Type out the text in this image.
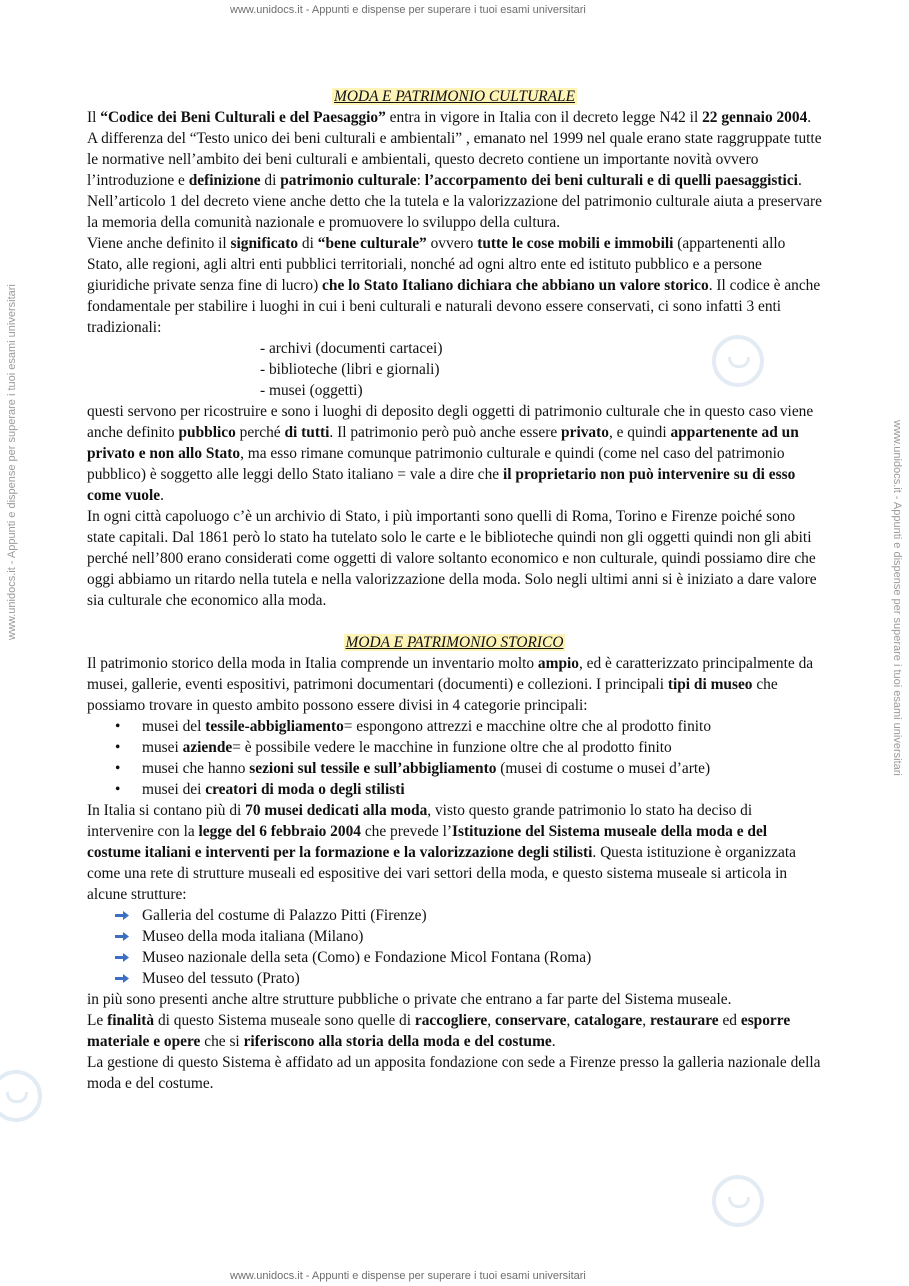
www.unidocs.it - Appunti e dispense per superare i tuoi esami universitari
www.unidocs.it - Appunti e dispense per superare i tuoi esami universitari
www.unidocs.it - Appunti e dispense per superare i tuoi esami universitari	www.unidocs.it - Appunti e dispense per superare i tuoi esami universitari
MODA E PATRIMONIO CULTURALE

Il “Codice dei Beni Culturali e del Paesaggio” entra in vigore in Italia con il decreto legge N42 il 22 gennaio 2004. A differenza del “Testo unico dei beni culturali e ambientali” , emanato nel 1999 nel quale erano state raggruppate tutte le normative nell’ambito dei beni culturali e ambientali, questo decreto contiene un importante novità ovvero l’introduzione e definizione di patrimonio culturale: l’accorpamento dei beni culturali e di quelli paesaggistici. Nell’articolo 1 del decreto viene anche detto che la tutela e la valorizzazione del patrimonio culturale aiuta a preservare la memoria della comunità nazionale e promuovere lo sviluppo della cultura.

Viene anche definito il significato di “bene culturale” ovvero tutte le cose mobili e immobili (appartenenti allo Stato, alle regioni, agli altri enti pubblici territoriali, nonché ad ogni altro ente ed istituto pubblico e a persone giuridiche private senza fine di lucro) che lo Stato Italiano dichiara che abbiano un valore storico. Il codice è anche fondamentale per stabilire i luoghi in cui i beni culturali e naturali devono essere conservati, ci sono infatti 3 enti tradizionali:

- archivi (documenti cartacei)
- biblioteche (libri e giornali)
- musei (oggetti)

questi servono per ricostruire e sono i luoghi di deposito degli oggetti di patrimonio culturale che in questo caso viene anche definito pubblico perché di tutti. Il patrimonio però può anche essere privato, e quindi appartenente ad un privato e non allo Stato, ma esso rimane comunque patrimonio culturale e quindi (come nel caso del patrimonio pubblico) è soggetto alle leggi dello Stato italiano = vale a dire che il proprietario non può intervenire su di esso come vuole.

In ogni città capoluogo c’è un archivio di Stato, i più importanti sono quelli di Roma, Torino e Firenze poiché sono state capitali. Dal 1861 però lo stato ha tutelato solo le carte e le biblioteche quindi non gli oggetti quindi non gli abiti perché nell’800 erano considerati come oggetti di valore soltanto economico e non culturale, quindi possiamo dire che oggi abbiamo un ritardo nella tutela e nella valorizzazione della moda. Solo negli ultimi anni si è iniziato a dare valore sia culturale che economico alla moda.

MODA E PATRIMONIO STORICO

Il patrimonio storico della moda in Italia comprende un inventario molto ampio, ed è caratterizzato principalmente da musei, gallerie, eventi espositivi, patrimoni documentari (documenti) e collezioni. I principali tipi di museo che possiamo trovare in questo ambito possono essere divisi in 4 categorie principali:

• musei del tessile-abbigliamento= espongono attrezzi e macchine oltre che al prodotto finito
• musei aziende= è possibile vedere le macchine in funzione oltre che al prodotto finito
• musei che hanno sezioni sul tessile e sull’abbigliamento (musei di costume o musei d’arte)
• musei dei creatori di moda o degli stilisti

In Italia si contano più di 70 musei dedicati alla moda, visto questo grande patrimonio lo stato ha deciso di intervenire con la legge del 6 febbraio 2004 che prevede l’Istituzione del Sistema museale della moda e del costume italiani e interventi per la formazione e la valorizzazione degli stilisti. Questa istituzione è organizzata come una rete di strutture museali ed espositive dei vari settori della moda, e questo sistema museale si articola in alcune strutture:

Galleria del costume di Palazzo Pitti (Firenze)
Museo della moda italiana (Milano)
Museo nazionale della seta (Como) e Fondazione Micol Fontana (Roma)
Museo del tessuto (Prato)

in più sono presenti anche altre strutture pubbliche o private che entrano a far parte del Sistema museale.

Le finalità di questo Sistema museale sono quelle di raccogliere, conservare, catalogare, restaurare ed esporre materiale e opere che si riferiscono alla storia della moda e del costume.

La gestione di questo Sistema è affidato ad un apposita fondazione con sede a Firenze presso la galleria nazionale della moda e del costume.
